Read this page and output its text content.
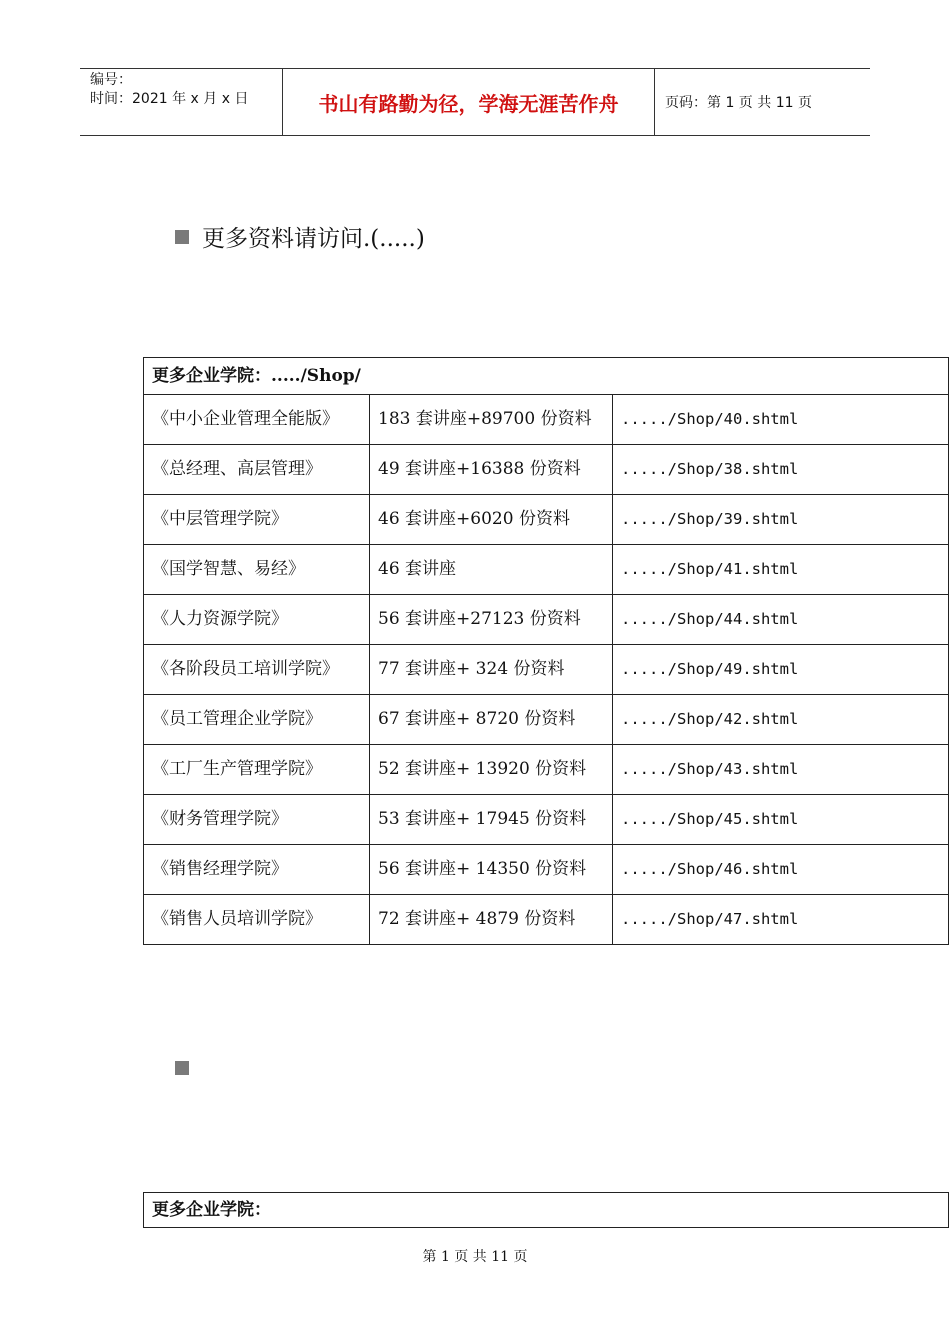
编号：
时间：2021 年 x 月 x 日	书山有路勤为径，学海无涯苦作舟	页码：第 1 页 共 11 页
更多资料请访问.(.....)
更多企业学院：...../Shop/		
《中小企业管理全能版》	183 套讲座+89700 份资料	...../Shop/40.shtml
《总经理、高层管理》	49 套讲座+16388 份资料	...../Shop/38.shtml
《中层管理学院》	46 套讲座+6020 份资料	...../Shop/39.shtml
《国学智慧、易经》	46 套讲座	...../Shop/41.shtml
《人力资源学院》	56 套讲座+27123 份资料	...../Shop/44.shtml
《各阶段员工培训学院》	77 套讲座+ 324 份资料	...../Shop/49.shtml
《员工管理企业学院》	67 套讲座+ 8720 份资料	...../Shop/42.shtml
《工厂生产管理学院》	52 套讲座+ 13920 份资料	...../Shop/43.shtml
《财务管理学院》	53 套讲座+ 17945 份资料	...../Shop/45.shtml
《销售经理学院》	56 套讲座+ 14350 份资料	...../Shop/46.shtml
《销售人员培训学院》	72 套讲座+ 4879 份资料	...../Shop/47.shtml
更多企业学院：
第 1 页 共 11 页
